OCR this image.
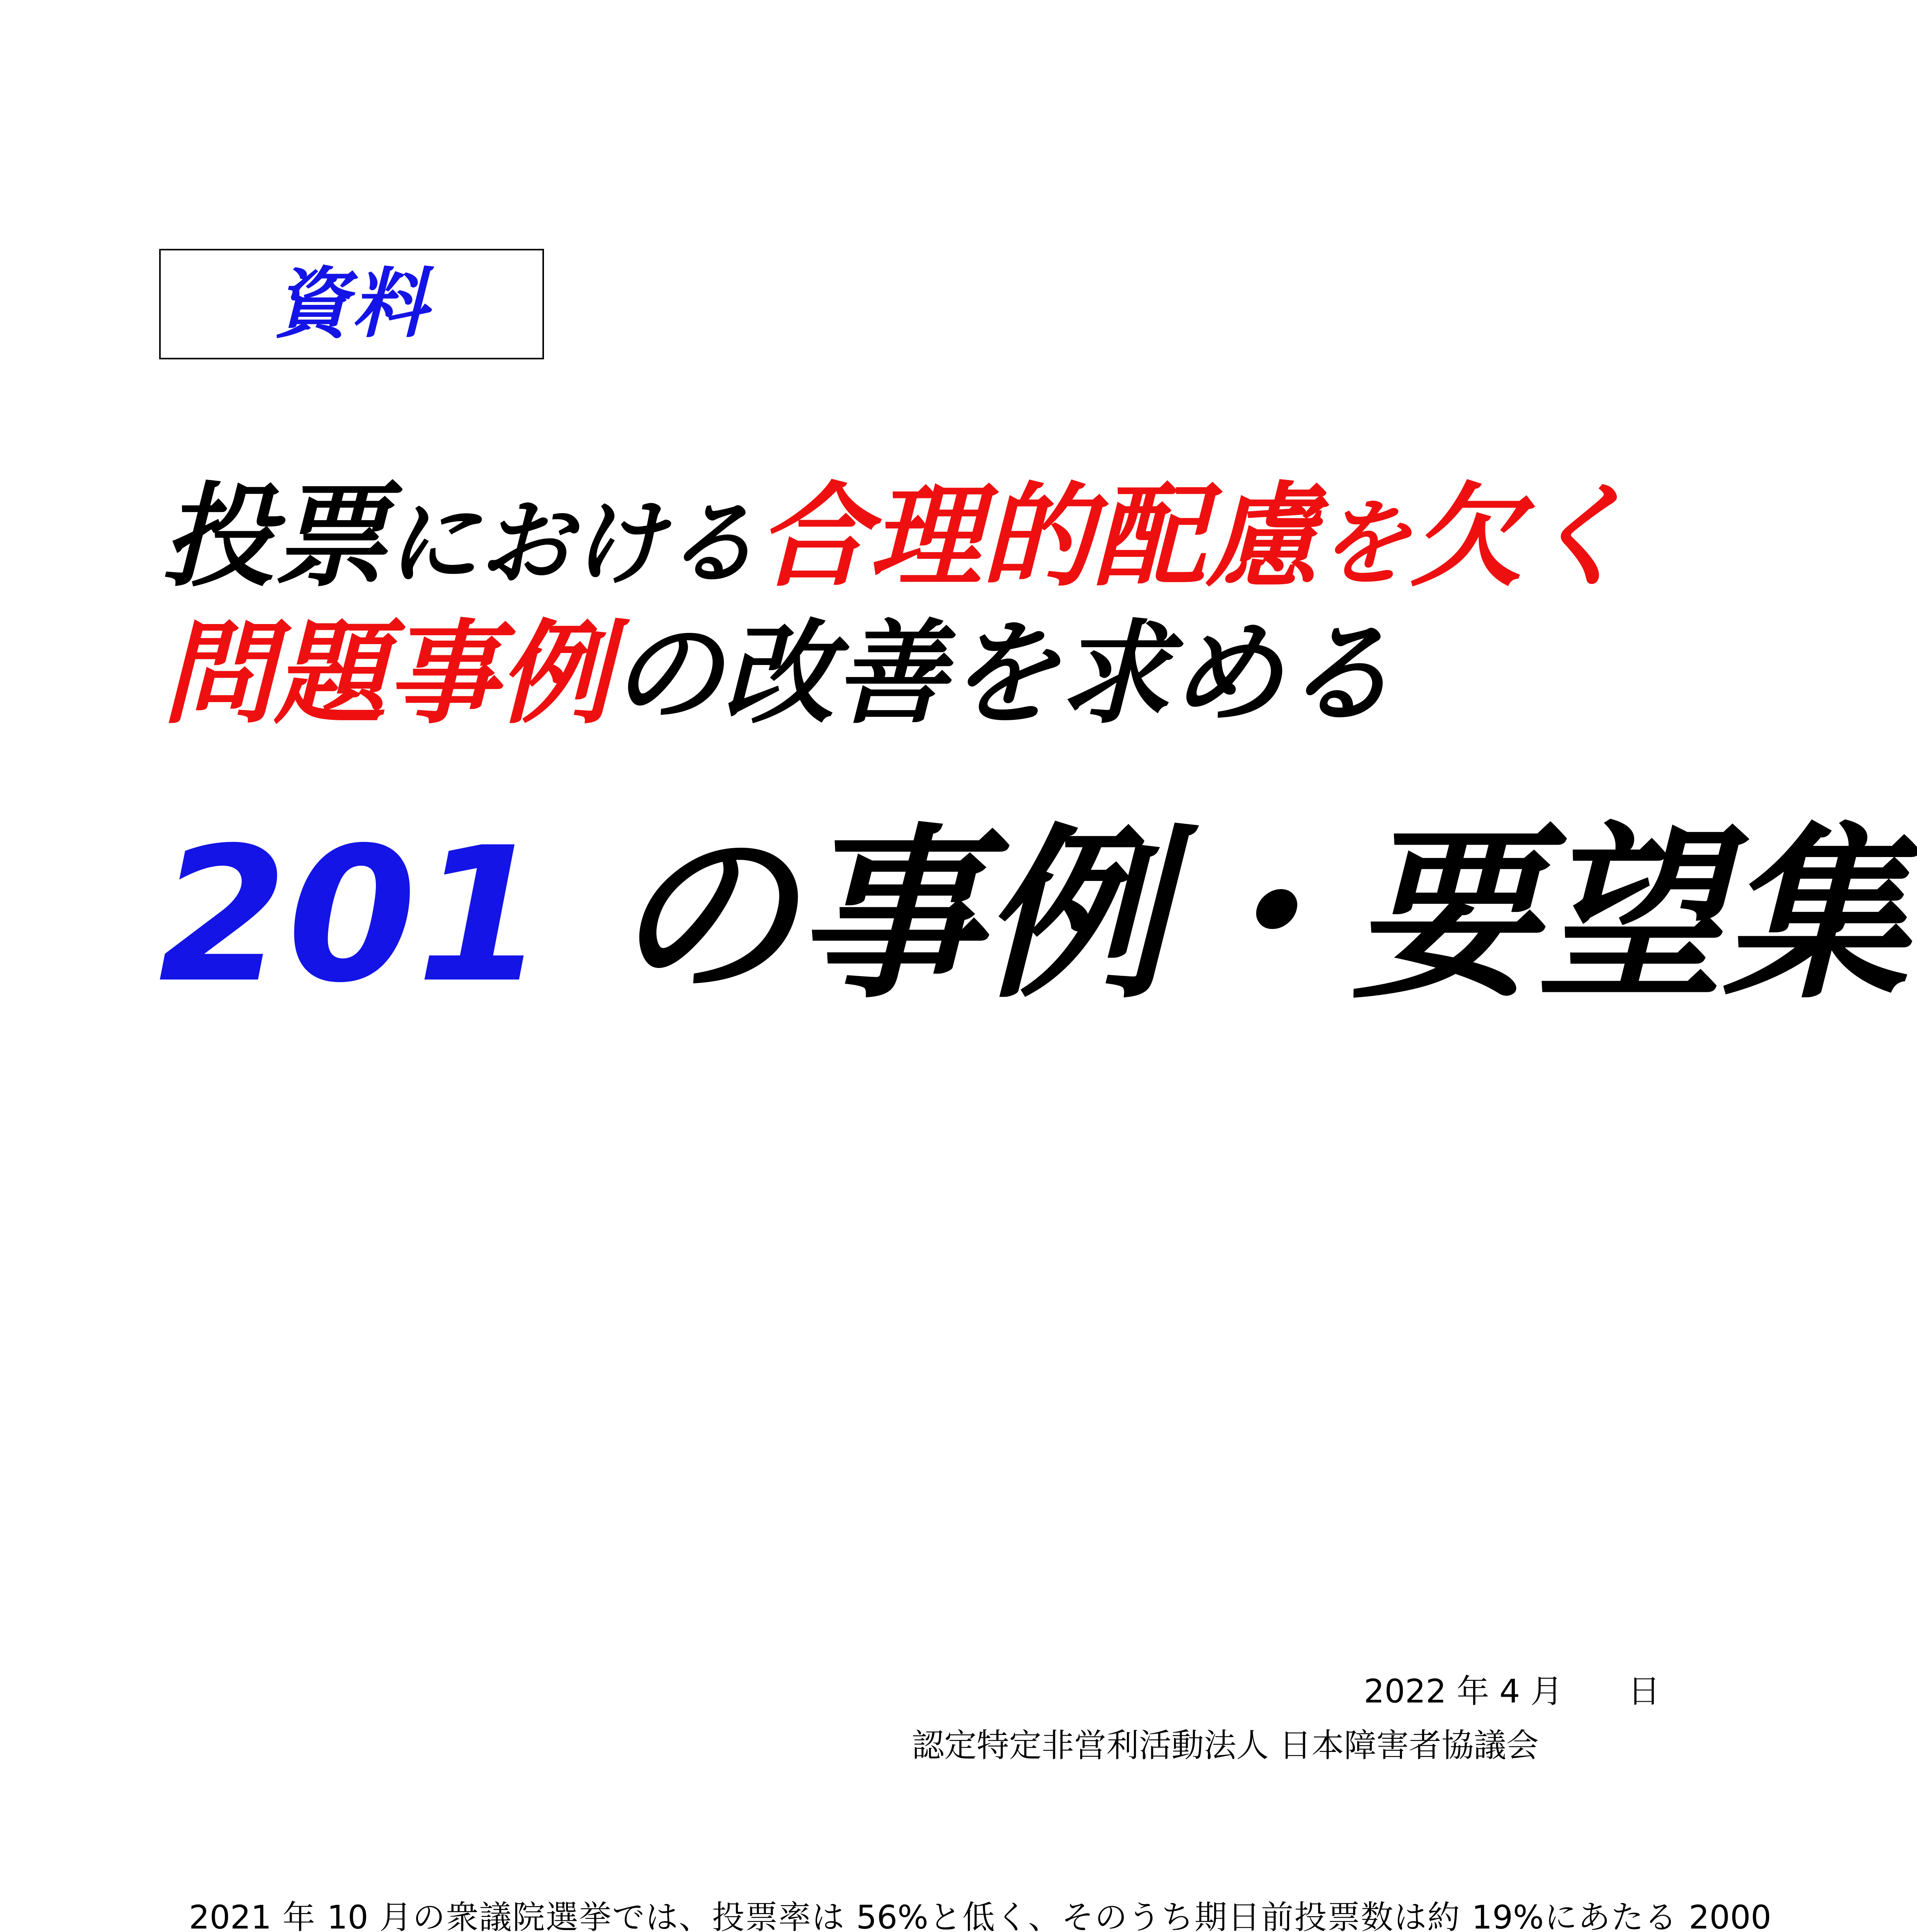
資料
投票における合理的配慮を欠く
問題事例の改善を求める
201 の事例・要望集
2022 年 4 月　　日
認定特定非営利活動法人 日本障害者協議会

2021 年 10 月の衆議院選挙では、投票率は 56%と低く、そのうち期日前投票数は約 19%にあたる 2000
